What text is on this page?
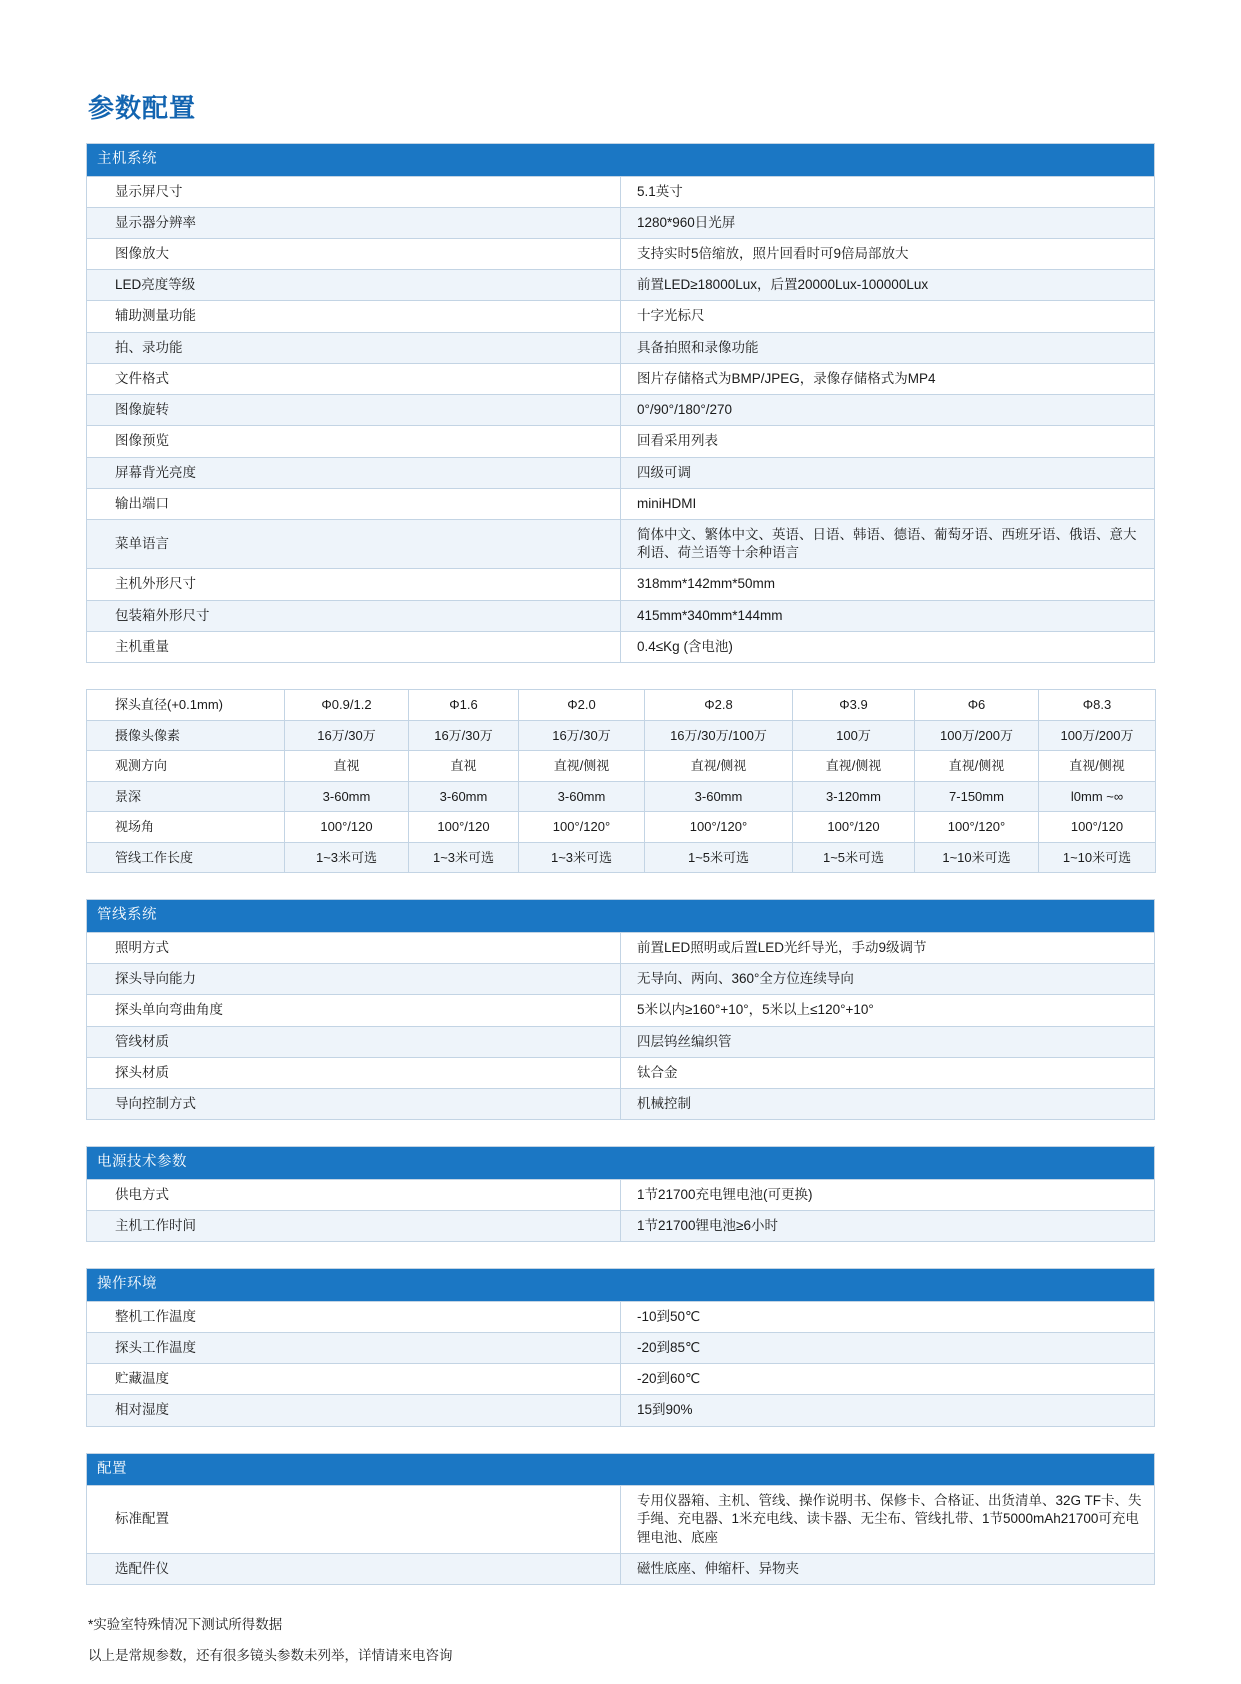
参数配置
主机系统	
显示屏尺寸	5.1英寸
显示器分辨率	1280*960日光屏
图像放大	支持实时5倍缩放，照片回看时可9倍局部放大
LED亮度等级	前置LED≥18000Lux，后置20000Lux-100000Lux
辅助测量功能	十字光标尺
拍、录功能	具备拍照和录像功能
文件格式	图片存储格式为BMP/JPEG，录像存储格式为MP4
图像旋转	0°/90°/180°/270
图像预览	回看采用列表
屏幕背光亮度	四级可调
输出端口	miniHDMI
菜单语言	简体中文、繁体中文、英语、日语、韩语、德语、葡萄牙语、西班牙语、俄语、意大利语、荷兰语等十余种语言
主机外形尺寸	318mm*142mm*50mm
包装箱外形尺寸	415mm*340mm*144mm
主机重量	0.4≤Kg (含电池)
探头直径(+0.1mm)	Φ0.9/1.2	Φ1.6	Φ2.0	Φ2.8	Φ3.9	Φ6	Φ8.3
摄像头像素	16万/30万	16万/30万	16万/30万	16万/30万/100万	100万	100万/200万	100万/200万
观测方向	直视	直视	直视/侧视	直视/侧视	直视/侧视	直视/侧视	直视/侧视
景深	3-60mm	3-60mm	3-60mm	3-60mm	3-120mm	7-150mm	l0mm ~∞
视场角	100°/120	100°/120	100°/120°	100°/120°	100°/120	100°/120°	100°/120
管线工作长度	1~3米可选	1~3米可选	1~3米可选	1~5米可选	1~5米可选	1~10米可选	1~10米可选
管线系统	
照明方式	前置LED照明或后置LED光纤导光，手动9级调节
探头导向能力	无导向、两向、360°全方位连续导向
探头单向弯曲角度	5米以内≥160°+10°，5米以上≤120°+10°
管线材质	四层钨丝编织管
探头材质	钛合金
导向控制方式	机械控制
电源技术参数	
供电方式	1节21700充电锂电池(可更换)
主机工作时间	1节21700锂电池≥6小时
操作环境	
整机工作温度	-10到50℃
探头工作温度	-20到85℃
贮藏温度	-20到60℃
相对湿度	15到90%
配置	
标准配置	专用仪器箱、主机、管线、操作说明书、保修卡、合格证、出货清单、32G TF卡、失手绳、充电器、1米充电线、读卡器、无尘布、管线扎带、1节5000mAh21700可充电锂电池、底座
选配件仪	磁性底座、伸缩杆、异物夹
*实验室特殊情况下测试所得数据
以上是常规参数，还有很多镜头参数未列举，详情请来电咨询
